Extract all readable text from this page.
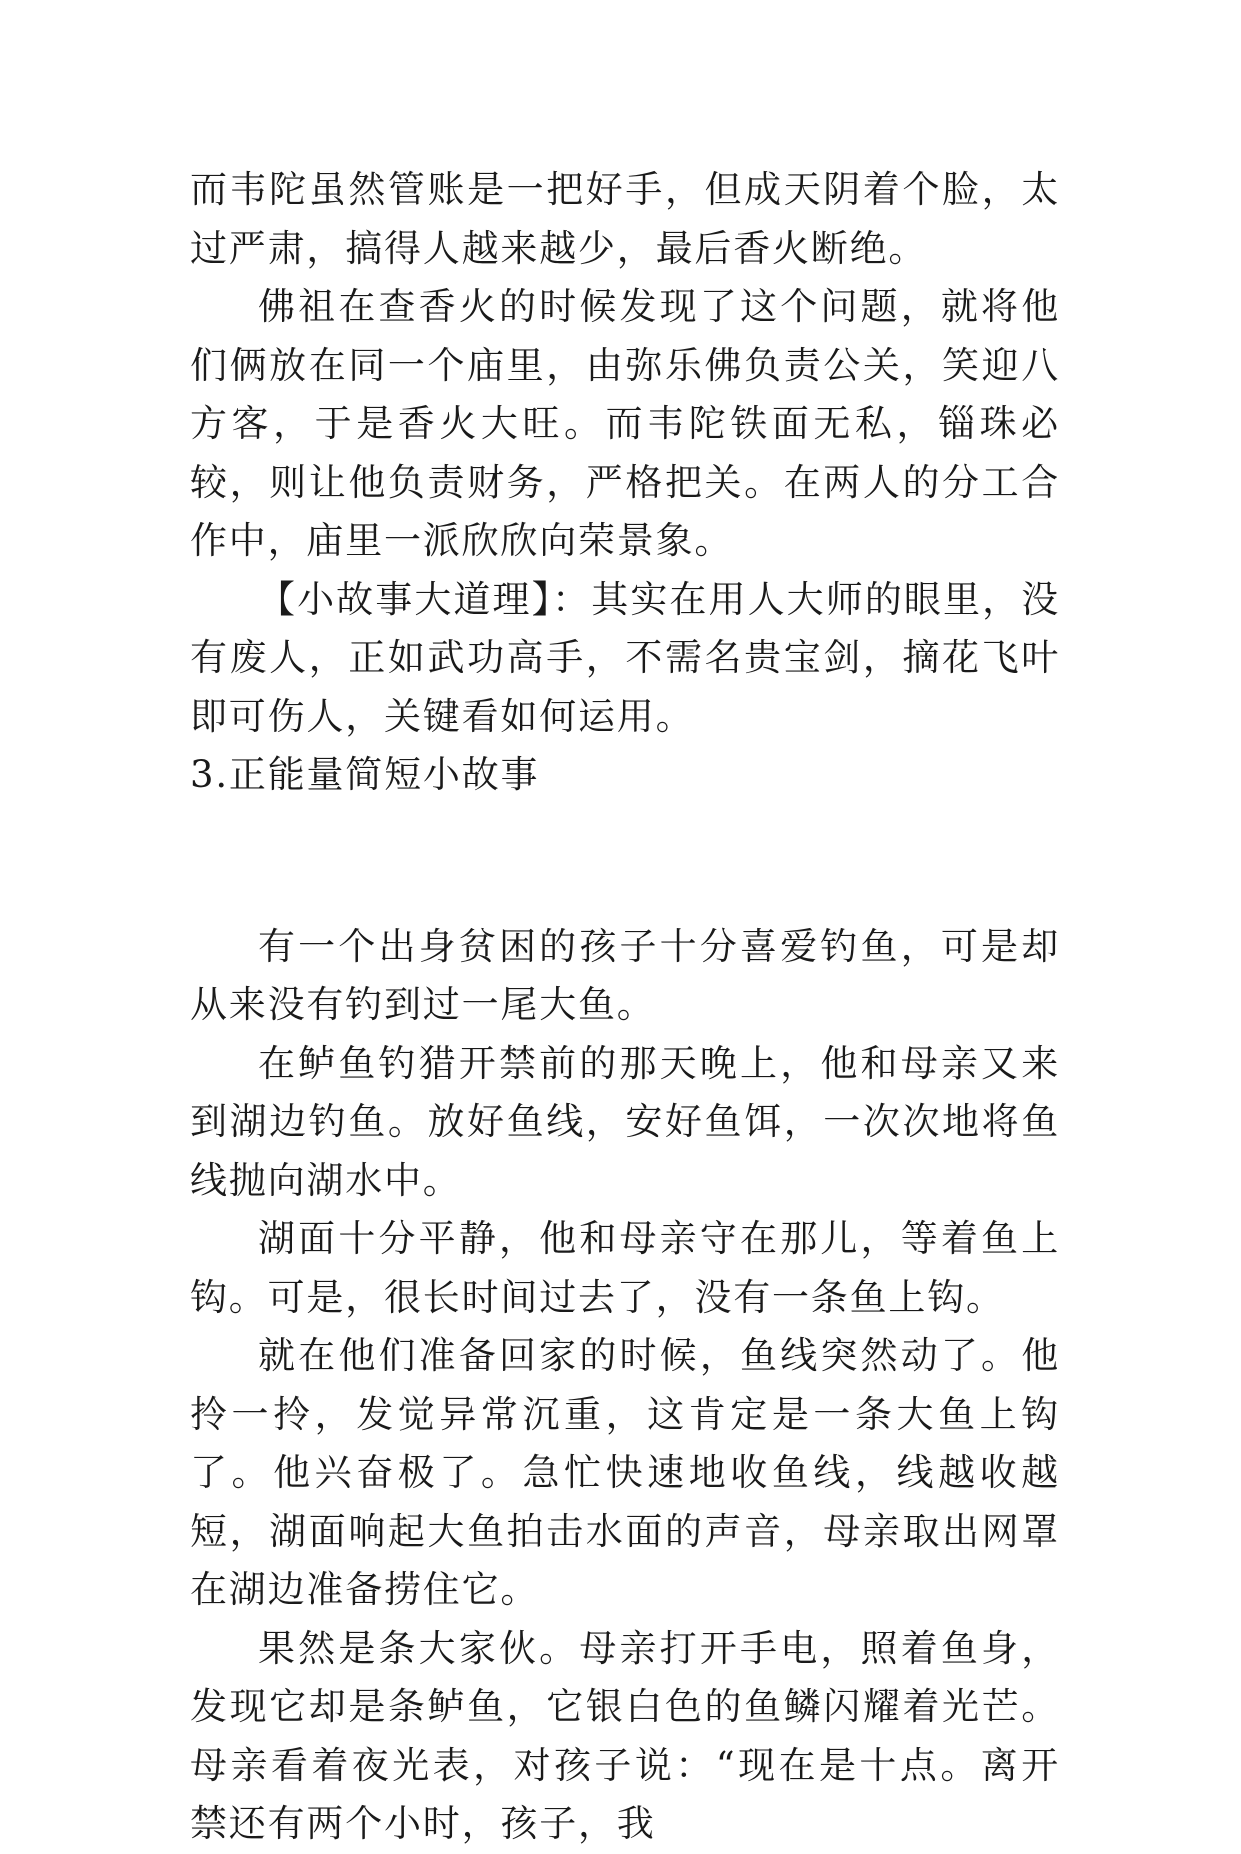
而韦陀虽然管账是一把好手，但成天阴着个脸，太过严肃，搞得人越来越少，最后香火断绝。

佛祖在查香火的时候发现了这个问题，就将他们俩放在同一个庙里，由弥乐佛负责公关，笑迎八方客，于是香火大旺。而韦陀铁面无私，锱珠必较，则让他负责财务，严格把关。在两人的分工合作中，庙里一派欣欣向荣景象。

【小故事大道理】：其实在用人大师的眼里，没有废人，正如武功高手，不需名贵宝剑，摘花飞叶即可伤人，关键看如何运用。

3.正能量简短小故事

有一个出身贫困的孩子十分喜爱钓鱼，可是却从来没有钓到过一尾大鱼。

在鲈鱼钓猎开禁前的那天晚上，他和母亲又来到湖边钓鱼。放好鱼线，安好鱼饵，一次次地将鱼线抛向湖水中。

湖面十分平静，他和母亲守在那儿，等着鱼上钩。可是，很长时间过去了，没有一条鱼上钩。

就在他们准备回家的时候，鱼线突然动了。他拎一拎，发觉异常沉重，这肯定是一条大鱼上钩了。他兴奋极了。急忙快速地收鱼线，线越收越短，湖面响起大鱼拍击水面的声音，母亲取出网罩在湖边准备捞住它。

果然是条大家伙。母亲打开手电，照着鱼身，发现它却是条鲈鱼，它银白色的鱼鳞闪耀着光芒。母亲看着夜光表，对孩子说：“现在是十点。离开禁还有两个小时，孩子，我
